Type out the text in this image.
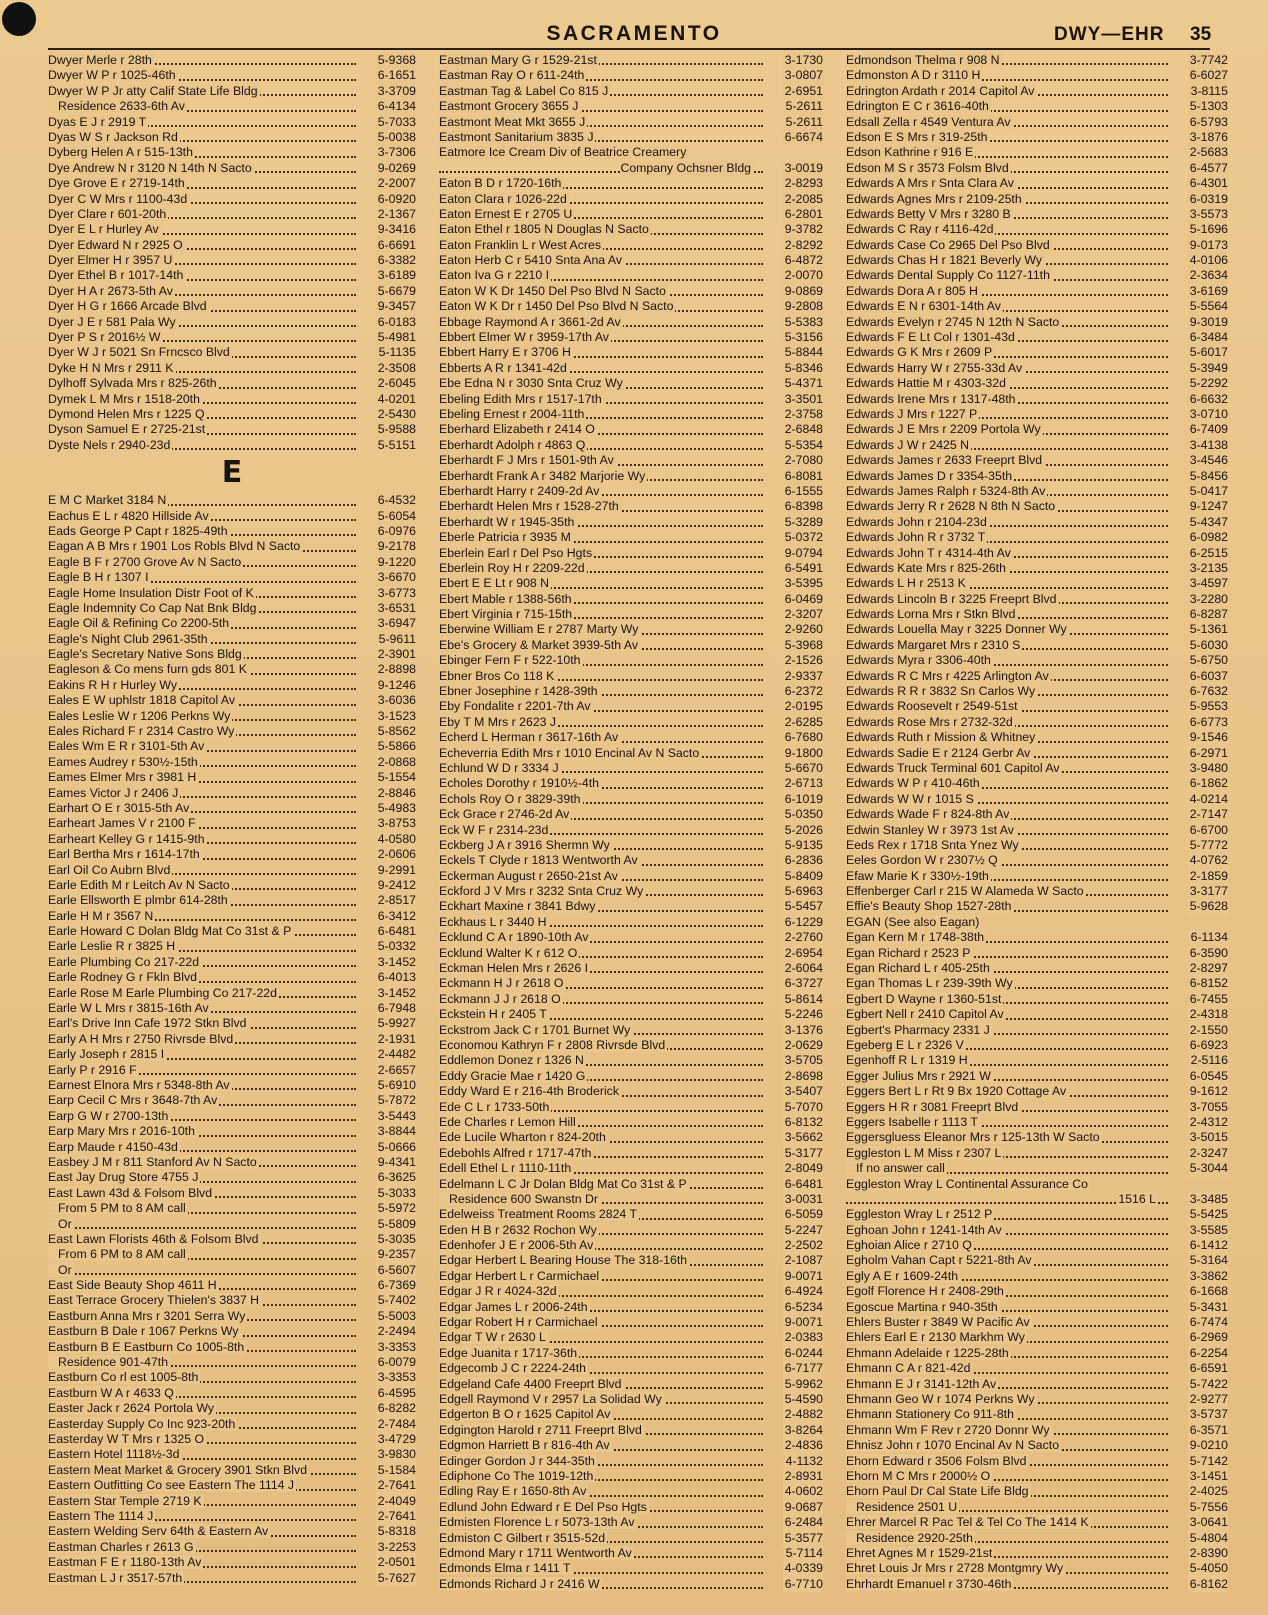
SACRAMENTO	DWY—EHR 35
Dwyer Merle r 28th	5-9368
Dwyer W P r 1025-46th	6-1651
Dwyer W P Jr atty Calif State Life Bldg	3-3709
Residence 2633-6th Av	6-4134
Dyas E J r 2919 T	5-7033
Dyas W S r Jackson Rd	5-0038
Dyberg Helen A r 515-13th	3-7306
Dye Andrew N r 3120 N 14th N Sacto	9-0269
Dye Grove E r 2719-14th	2-2007
Dyer C W Mrs r 1100-43d	6-0920
Dyer Clare r 601-20th	2-1367
Dyer E L r Hurley Av	9-3416
Dyer Edward N r 2925 O	6-6691
Dyer Elmer H r 3957 U	6-3382
Dyer Ethel B r 1017-14th	3-6189
Dyer H A r 2673-5th Av	5-6679
Dyer H G r 1666 Arcade Blvd	9-3457
Dyer J E r 581 Pala Wy	6-0183
Dyer P S r 2016½ W	5-4981
Dyer W J r 5021 Sn Frncsco Blvd	5-1135
Dyke H N Mrs r 2911 K	2-3508
Dylhoff Sylvada Mrs r 825-26th	2-6045
Dymek L M Mrs r 1518-20th	4-0201
Dymond Helen Mrs r 1225 Q	2-5430
Dyson Samuel E r 2725-21st	5-9588
Dyste Nels r 2940-23d	5-5151
E
E M C Market 3184 N	6-4532
Eachus E L r 4820 Hillside Av	5-6054
Eads George P Capt r 1825-49th	6-0976
Eagan A B Mrs r 1901 Los Robls Blvd N Sacto	9-2178
Eagle B F r 2700 Grove Av N Sacto	9-1220
Eagle B H r 1307 I	3-6670
Eagle Home Insulation Distr Foot of K	3-6773
Eagle Indemnity Co Cap Nat Bnk Bldg	3-6531
Eagle Oil & Refining Co 2200-5th	3-6947
Eagle's Night Club 2961-35th	5-9611
Eagle's Secretary Native Sons Bldg	2-3901
Eagleson & Co mens furn gds 801 K	2-8898
Eakins R H r Hurley Wy	9-1246
Eales E W uphlstr 1818 Capitol Av	3-6036
Eales Leslie W r 1206 Perkns Wy	3-1523
Eales Richard F r 2314 Castro Wy	5-8562
Eales Wm E R r 3101-5th Av	5-5866
Eames Audrey r 530½-15th	2-0868
Eames Elmer Mrs r 3981 H	5-1554
Eames Victor J r 2406 J	2-8846
Earhart O E r 3015-5th Av	5-4983
Earheart James V r 2100 F	3-8753
Earheart Kelley G r 1415-9th	4-0580
Earl Bertha Mrs r 1614-17th	2-0606
Earl Oil Co Aubrn Blvd	9-2991
Earle Edith M r Leitch Av N Sacto	9-2412
Earle Ellsworth E plmbr 614-28th	2-8517
Earle H M r 3567 N	6-3412
Earle Howard C Dolan Bldg Mat Co 31st & P	6-6481
Earle Leslie R r 3825 H	5-0332
Earle Plumbing Co 217-22d	3-1452
Earle Rodney G r Fkln Blvd	6-4013
Earle Rose M Earle Plumbing Co 217-22d	3-1452
Earle W L Mrs r 3815-16th Av	6-7948
Earl's Drive Inn Cafe 1972 Stkn Blvd	5-9927
Early A H Mrs r 2750 Rivrsde Blvd	2-1931
Early Joseph r 2815 I	2-4482
Early P r 2916 F	2-6657
Earnest Elnora Mrs r 5348-8th Av	5-6910
Earp Cecil C Mrs r 3648-7th Av	5-7872
Earp G W r 2700-13th	3-5443
Earp Mary Mrs r 2016-10th	3-8844
Earp Maude r 4150-43d	5-0666
Easbey J M r 811 Stanford Av N Sacto	9-4341
East Jay Drug Store 4755 J	6-3625
East Lawn 43d & Folsom Blvd	5-3033
From 5 PM to 8 AM call	5-5972
Or	5-5809
East Lawn Florists 46th & Folsom Blvd	5-3035
From 6 PM to 8 AM call	9-2357
Or	6-5607
East Side Beauty Shop 4611 H	6-7369
East Terrace Grocery Thielen's 3837 H	5-7402
Eastburn Anna Mrs r 3201 Serra Wy	5-5003
Eastburn B Dale r 1067 Perkns Wy	2-2494
Eastburn B E Eastburn Co 1005-8th	3-3353
Residence 901-47th	6-0079
Eastburn Co rl est 1005-8th	3-3353
Eastburn W A r 4633 Q	6-4595
Easter Jack r 2624 Portola Wy	6-8282
Easterday Supply Co Inc 923-20th	2-7484
Easterday W T Mrs r 1325 O	3-4729
Eastern Hotel 1118½-3d	3-9830
Eastern Meat Market & Grocery 3901 Stkn Blvd	5-1584
Eastern Outfitting Co see Eastern The 1114 J	2-7641
Eastern Star Temple 2719 K	2-4049
Eastern The 1114 J	2-7641
Eastern Welding Serv 64th & Eastern Av	5-8318
Eastman Charles r 2613 G	3-2253
Eastman F E r 1180-13th Av	2-0501
Eastman L J r 3517-57th	5-7627
Eastman Mary G r 1529-21st	3-1730
Eastman Ray O r 611-24th	3-0807
Eastman Tag & Label Co 815 J	2-6951
Eastmont Grocery 3655 J	5-2611
Eastmont Meat Mkt 3655 J	5-2611
Eastmont Sanitarium 3835 J	6-6674
Eatmore Ice Cream Div of Beatrice Creamery
Company Ochsner Bldg	3-0019
Eaton B D r 1720-16th	2-8293
Eaton Clara r 1026-22d	2-2085
Eaton Ernest E r 2705 U	6-2801
Eaton Ethel r 1805 N Douglas N Sacto	9-3782
Eaton Franklin L r West Acres	2-8292
Eaton Herb C r 5410 Snta Ana Av	6-4872
Eaton Iva G r 2210 I	2-0070
Eaton W K Dr 1450 Del Pso Blvd N Sacto	9-0869
Eaton W K Dr r 1450 Del Pso Blvd N Sacto	9-2808
Ebbage Raymond A r 3661-2d Av	5-5383
Ebbert Elmer W r 3959-17th Av	5-3156
Ebbert Harry E r 3706 H	5-8844
Ebberts A R r 1341-42d	5-8346
Ebe Edna N r 3030 Snta Cruz Wy	5-4371
Ebeling Edith Mrs r 1517-17th	3-3501
Ebeling Ernest r 2004-11th	2-3758
Eberhard Elizabeth r 2414 O	2-6848
Eberhardt Adolph r 4863 Q	5-5354
Eberhardt F J Mrs r 1501-9th Av	2-7080
Eberhardt Frank A r 3482 Marjorie Wy	6-8081
Eberhardt Harry r 2409-2d Av	6-1555
Eberhardt Helen Mrs r 1528-27th	6-8398
Eberhardt W r 1945-35th	5-3289
Eberle Patricia r 3935 M	5-0372
Eberlein Earl r Del Pso Hgts	9-0794
Eberlein Roy H r 2209-22d	6-5491
Ebert E E Lt r 908 N	3-5395
Ebert Mable r 1388-56th	6-0469
Ebert Virginia r 715-15th	2-3207
Eberwine William E r 2787 Marty Wy	2-9260
Ebe's Grocery & Market 3939-5th Av	5-3968
Ebinger Fern F r 522-10th	2-1526
Ebner Bros Co 118 K	2-9337
Ebner Josephine r 1428-39th	6-2372
Eby Fondalite r 2201-7th Av	2-0195
Eby T M Mrs r 2623 J	2-6285
Echerd L Herman r 3617-16th Av	6-7680
Echeverria Edith Mrs r 1010 Encinal Av N Sacto	9-1800
Echlund W D r 3334 J	5-6670
Echoles Dorothy r 1910½-4th	2-6713
Echols Roy O r 3829-39th	6-1019
Eck Grace r 2746-2d Av	5-0350
Eck W F r 2314-23d	5-2026
Eckberg J A r 3916 Shermn Wy	5-9135
Eckels T Clyde r 1813 Wentworth Av	6-2836
Eckerman August r 2650-21st Av	5-8409
Eckford J V Mrs r 3232 Snta Cruz Wy	5-6963
Eckhart Maxine r 3841 Bdwy	5-5457
Eckhaus L r 3440 H	6-1229
Ecklund C A r 1890-10th Av	2-2760
Ecklund Walter K r 612 O	2-6954
Eckman Helen Mrs r 2626 I	2-6064
Eckmann H J r 2618 O	6-3727
Eckmann J J r 2618 O	5-8614
Eckstein H r 2405 T	5-2246
Eckstrom Jack C r 1701 Burnet Wy	3-1376
Economou Kathryn F r 2808 Rivrsde Blvd	2-0629
Eddlemon Donez r 1326 N	3-5705
Eddy Gracie Mae r 1420 G	2-8698
Eddy Ward E r 216-4th Broderick	3-5407
Ede C L r 1733-50th	5-7070
Ede Charles r Lemon Hill	6-8132
Ede Lucile Wharton r 824-20th	3-5662
Edebohls Alfred r 1717-47th	5-3177
Edell Ethel L r 1110-11th	2-8049
Edelmann L C Jr Dolan Bldg Mat Co 31st & P	6-6481
Residence 600 Swanstn Dr	3-0031
Edelweiss Treatment Rooms 2824 T	6-5059
Eden H B r 2632 Rochon Wy	5-2247
Edenhofer J E r 2006-5th Av	2-2502
Edgar Herbert L Bearing House The 318-16th	2-1087
Edgar Herbert L r Carmichael	9-0071
Edgar J R r 4024-32d	6-4924
Edgar James L r 2006-24th	6-5234
Edgar Robert H r Carmichael	9-0071
Edgar T W r 2630 L	2-0383
Edge Juanita r 1717-36th	6-0244
Edgecomb J C r 2224-24th	6-7177
Edgeland Cafe 4400 Freeprt Blvd	5-9962
Edgell Raymond V r 2957 La Solidad Wy	5-4590
Edgerton B O r 1625 Capitol Av	2-4882
Edgington Harold r 2711 Freeprt Blvd	3-8264
Edgmon Harriett B r 816-4th Av	2-4836
Edinger Gordon J r 344-35th	4-1132
Ediphone Co The 1019-12th	2-8931
Edling Ray E r 1650-8th Av	4-0602
Edlund John Edward r E Del Pso Hgts	9-0687
Edmisten Florence L r 5073-13th Av	6-2484
Edmiston C Gilbert r 3515-52d	5-3577
Edmond Mary r 1711 Wentworth Av	5-7114
Edmonds Elma r 1411 T	4-0339
Edmonds Richard J r 2416 W	6-7710
Edmondson Thelma r 908 N	3-7742
Edmonston A D r 3110 H	6-6027
Edrington Ardath r 2014 Capitol Av	3-8115
Edrington E C r 3616-40th	5-1303
Edsall Zella r 4549 Ventura Av	6-5793
Edson E S Mrs r 319-25th	3-1876
Edson Kathrine r 916 E	2-5683
Edson M S r 3573 Folsm Blvd	6-4577
Edwards A Mrs r Snta Clara Av	6-4301
Edwards Agnes Mrs r 2109-25th	6-0319
Edwards Betty V Mrs r 3280 B	3-5573
Edwards C Ray r 4116-42d	5-1696
Edwards Case Co 2965 Del Pso Blvd	9-0173
Edwards Chas H r 1821 Beverly Wy	4-0106
Edwards Dental Supply Co 1127-11th	2-3634
Edwards Dora A r 805 H	3-6169
Edwards E N r 6301-14th Av	5-5564
Edwards Evelyn r 2745 N 12th N Sacto	9-3019
Edwards F E Lt Col r 1301-43d	6-3484
Edwards G K Mrs r 2609 P	5-6017
Edwards Harry W r 2755-33d Av	5-3949
Edwards Hattie M r 4303-32d	5-2292
Edwards Irene Mrs r 1317-48th	6-6632
Edwards J Mrs r 1227 P	3-0710
Edwards J E Mrs r 2209 Portola Wy	6-7409
Edwards J W r 2425 N	3-4138
Edwards James r 2633 Freeprt Blvd	3-4546
Edwards James D r 3354-35th	5-8456
Edwards James Ralph r 5324-8th Av	5-0417
Edwards Jerry R r 2628 N 8th N Sacto	9-1247
Edwards John r 2104-23d	5-4347
Edwards John R r 3732 T	6-0982
Edwards John T r 4314-4th Av	6-2515
Edwards Kate Mrs r 825-26th	3-2135
Edwards L H r 2513 K	3-4597
Edwards Lincoln B r 3225 Freeprt Blvd	3-2280
Edwards Lorna Mrs r Stkn Blvd	6-8287
Edwards Louella May r 3225 Donner Wy	5-1361
Edwards Margaret Mrs r 2310 S	5-6030
Edwards Myra r 3306-40th	5-6750
Edwards R C Mrs r 4225 Arlington Av	6-6037
Edwards R R r 3832 Sn Carlos Wy	6-7632
Edwards Roosevelt r 2549-51st	5-9553
Edwards Rose Mrs r 2732-32d	6-6773
Edwards Ruth r Mission & Whitney	9-1546
Edwards Sadie E r 2124 Gerbr Av	6-2971
Edwards Truck Terminal 601 Capitol Av	3-9480
Edwards W P r 410-46th	6-1862
Edwards W W r 1015 S	4-0214
Edwards Wade F r 824-8th Av	2-7147
Edwin Stanley W r 3973 1st Av	6-6700
Eeds Rex r 1718 Snta Ynez Wy	5-7772
Eeles Gordon W r 2307½ Q	4-0762
Efaw Marie K r 330½-19th	2-1859
Effenberger Carl r 215 W Alameda W Sacto	3-3177
Effie's Beauty Shop 1527-28th	5-9628
EGAN (See also Eagan)
Egan Kern M r 1748-38th	6-1134
Egan Richard r 2523 P	6-3590
Egan Richard L r 405-25th	2-8297
Egan Thomas L r 239-39th Wy	6-8152
Egbert D Wayne r 1360-51st	6-7455
Egbert Nell r 2410 Capitol Av	2-4318
Egbert's Pharmacy 2331 J	2-1550
Egeberg E L r 2326 V	6-6923
Egenhoff R L r 1319 H	2-5116
Egger Julius Mrs r 2921 W	6-0545
Eggers Bert L r Rt 9 Bx 1920 Cottage Av	9-1612
Eggers H R r 3081 Freeprt Blvd	3-7055
Eggers Isabelle r 1113 T	2-4312
Eggersgluess Eleanor Mrs r 125-13th W Sacto	3-5015
Eggleston L M Miss r 2307 L	2-3247
If no answer call	5-3044
Eggleston Wray L Continental Assurance Co
1516 L	3-3485
Eggleston Wray L r 2512 P	5-5425
Eghoan John r 1241-14th Av	3-5585
Eghoian Alice r 2710 Q	6-1412
Egholm Vahan Capt r 5221-8th Av	5-3164
Egly A E r 1609-24th	3-3862
Egolf Florence H r 2408-29th	6-1668
Egoscue Martina r 940-35th	5-3431
Ehlers Buster r 3849 W Pacific Av	6-7474
Ehlers Earl E r 2130 Markhm Wy	6-2969
Ehmann Adelaide r 1225-28th	6-2254
Ehmann C A r 821-42d	6-6591
Ehmann E J r 3141-12th Av	5-7422
Ehmann Geo W r 1074 Perkns Wy	2-9277
Ehmann Stationery Co 911-8th	3-5737
Ehmann Wm F Rev r 2720 Donnr Wy	6-3571
Ehnisz John r 1070 Encinal Av N Sacto	9-0210
Ehorn Edward r 3506 Folsm Blvd	5-7142
Ehorn M C Mrs r 2000½ O	3-1451
Ehorn Paul Dr Cal State Life Bldg	2-4025
Residence 2501 U	5-7556
Ehrer Marcel R Pac Tel & Tel Co The 1414 K	3-0641
Residence 2920-25th	5-4804
Ehret Agnes M r 1529-21st	2-8390
Ehret Louis Jr Mrs r 2728 Montgmry Wy	5-4050
Ehrhardt Emanuel r 3730-46th	6-8162
